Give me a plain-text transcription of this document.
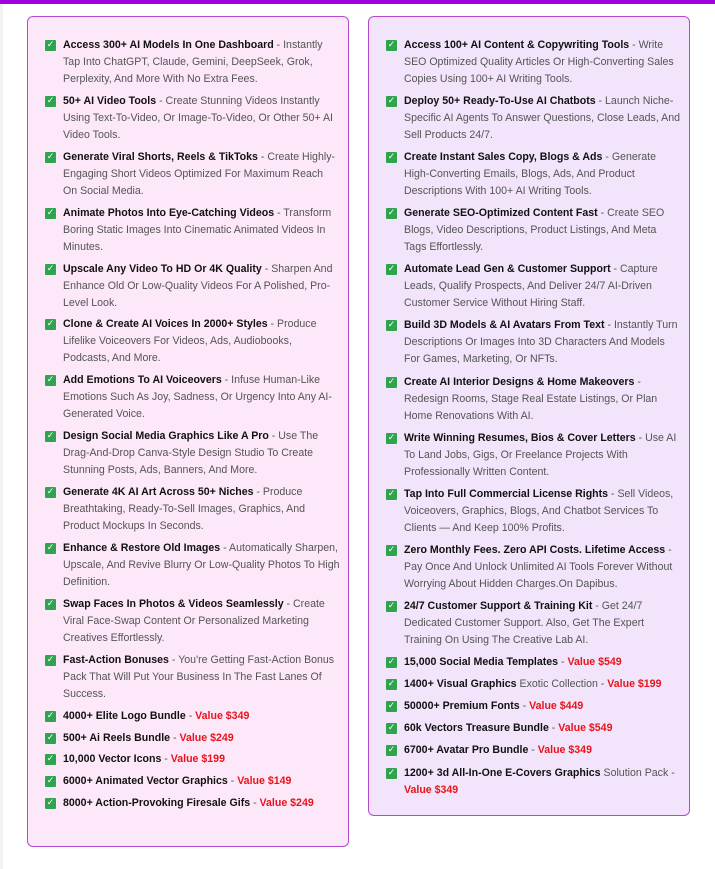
✓ Access 300+ AI Models In One Dashboard - Instantly Tap Into ChatGPT, Claude, Gemini, DeepSeek, Grok, Perplexity, And More With No Extra Fees.
✓ 50+ AI Video Tools - Create Stunning Videos Instantly Using Text-To-Video, Or Image-To-Video, Or Other 50+ AI Video Tools.
✓ Generate Viral Shorts, Reels & TikToks - Create Highly-Engaging Short Videos Optimized For Maximum Reach On Social Media.
✓ Animate Photos Into Eye-Catching Videos - Transform Boring Static Images Into Cinematic Animated Videos In Minutes.
✓ Upscale Any Video To HD Or 4K Quality - Sharpen And Enhance Old Or Low-Quality Videos For A Polished, Pro-Level Look.
✓ Clone & Create AI Voices In 2000+ Styles - Produce Lifelike Voiceovers For Videos, Ads, Audiobooks, Podcasts, And More.
✓ Add Emotions To AI Voiceovers - Infuse Human-Like Emotions Such As Joy, Sadness, Or Urgency Into Any AI-Generated Voice.
✓ Design Social Media Graphics Like A Pro - Use The Drag-And-Drop Canva-Style Design Studio To Create Stunning Posts, Ads, Banners, And More.
✓ Generate 4K AI Art Across 50+ Niches - Produce Breathtaking, Ready-To-Sell Images, Graphics, And Product Mockups In Seconds.
✓ Enhance & Restore Old Images - Automatically Sharpen, Upscale, And Revive Blurry Or Low-Quality Photos To High Definition.
✓ Swap Faces In Photos & Videos Seamlessly - Create Viral Face-Swap Content Or Personalized Marketing Creatives Effortlessly.
✓ Fast-Action Bonuses - You're Getting Fast-Action Bonus Pack That Will Put Your Business In The Fast Lanes Of Success.
✓ 4000+ Elite Logo Bundle - Value $349
✓ 500+ Ai Reels Bundle - Value $249
✓ 10,000 Vector Icons - Value $199
✓ 6000+ Animated Vector Graphics - Value $149
✓ 8000+ Action-Provoking Firesale Gifs - Value $249
✓ Access 100+ AI Content & Copywriting Tools - Write SEO Optimized Quality Articles Or High-Converting Sales Copies Using 100+ AI Writing Tools.
✓ Deploy 50+ Ready-To-Use AI Chatbots - Launch Niche-Specific AI Agents To Answer Questions, Close Leads, And Sell Products 24/7.
✓ Create Instant Sales Copy, Blogs & Ads - Generate High-Converting Emails, Blogs, Ads, And Product Descriptions With 100+ AI Writing Tools.
✓ Generate SEO-Optimized Content Fast - Create SEO Blogs, Video Descriptions, Product Listings, And Meta Tags Effortlessly.
✓ Automate Lead Gen & Customer Support - Capture Leads, Qualify Prospects, And Deliver 24/7 AI-Driven Customer Service Without Hiring Staff.
✓ Build 3D Models & AI Avatars From Text - Instantly Turn Descriptions Or Images Into 3D Characters And Models For Games, Marketing, Or NFTs.
✓ Create AI Interior Designs & Home Makeovers - Redesign Rooms, Stage Real Estate Listings, Or Plan Home Renovations With AI.
✓ Write Winning Resumes, Bios & Cover Letters - Use AI To Land Jobs, Gigs, Or Freelance Projects With Professionally Written Content.
✓ Tap Into Full Commercial License Rights - Sell Videos, Voiceovers, Graphics, Blogs, And Chatbot Services To Clients — And Keep 100% Profits.
✓ Zero Monthly Fees. Zero API Costs. Lifetime Access - Pay Once And Unlock Unlimited AI Tools Forever Without Worrying About Hidden Charges.On Dapibus.
✓ 24/7 Customer Support & Training Kit - Get 24/7 Dedicated Customer Support. Also, Get The Expert Training On Using The Creative Lab AI.
✓ 15,000 Social Media Templates - Value $549
✓ 1400+ Visual Graphics Exotic Collection - Value $199
✓ 50000+ Premium Fonts - Value $449
✓ 60k Vectors Treasure Bundle - Value $549
✓ 6700+ Avatar Pro Bundle - Value $349
✓ 1200+ 3d All-In-One E-Covers Graphics Solution Pack - Value $349
